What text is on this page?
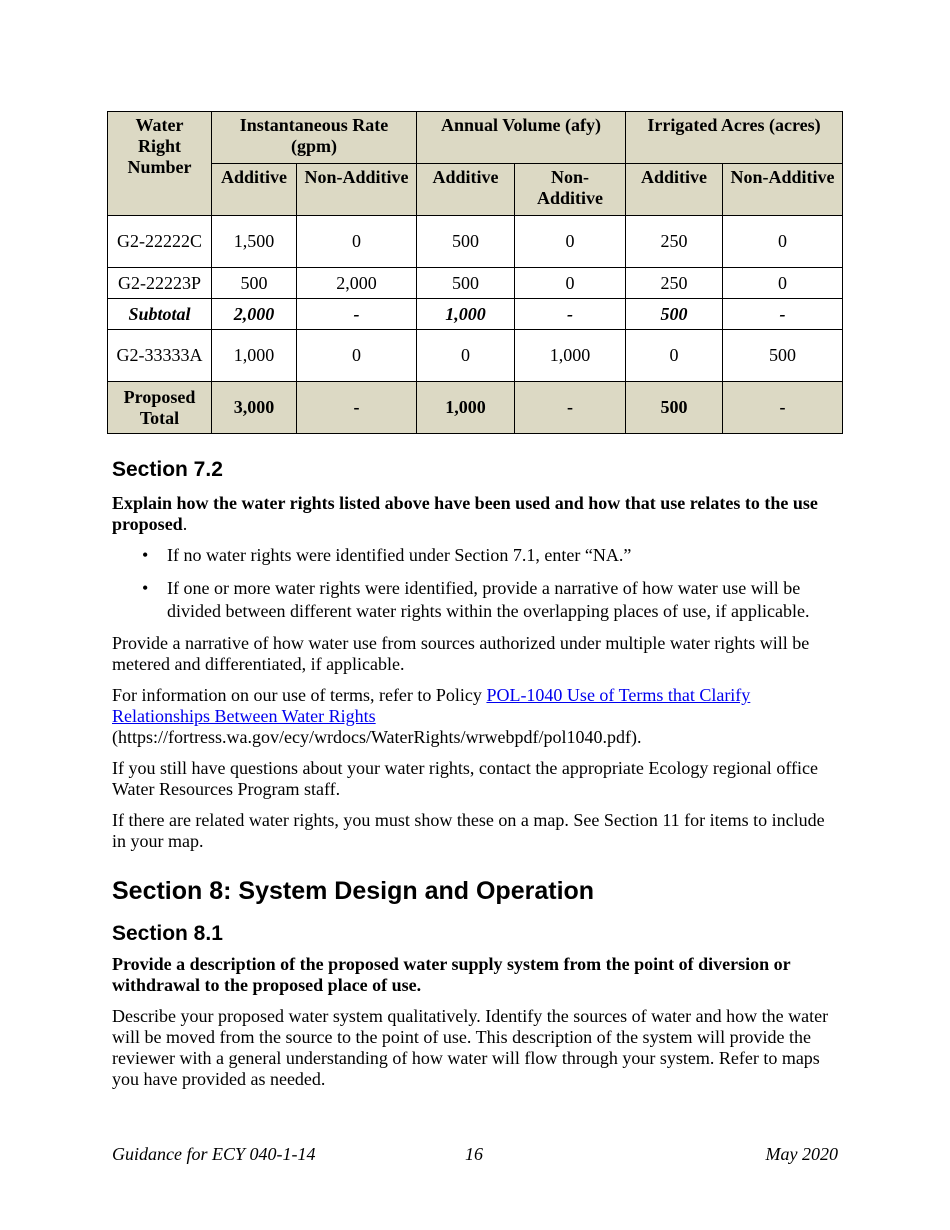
Water Right Number	Instantaneous Rate (gpm)		Annual Volume (afy)		Irrigated Acres (acres)	
	Additive	Non-Additive	Additive	Non-Additive	Additive	Non-Additive
G2-22222C	1,500	0	500	0	250	0
G2-22223P	500	2,000	500	0	250	0
Subtotal	2,000	-	1,000	-	500	-
G2-33333A	1,000	0	0	1,000	0	500
Proposed Total	3,000	-	1,000	-	500	-
Section 7.2

Explain how the water rights listed above have been used and how that use relates to the use proposed.

• If no water rights were identified under Section 7.1, enter “NA.”
• If one or more water rights were identified, provide a narrative of how water use will be divided between different water rights within the overlapping places of use, if applicable.

Provide a narrative of how water use from sources authorized under multiple water rights will be metered and differentiated, if applicable.

For information on our use of terms, refer to Policy POL-1040 Use of Terms that Clarify Relationships Between Water Rights
(https://fortress.wa.gov/ecy/wrdocs/WaterRights/wrwebpdf/pol1040.pdf).

If you still have questions about your water rights, contact the appropriate Ecology regional office Water Resources Program staff.

If there are related water rights, you must show these on a map. See Section 11 for items to include in your map.

Section 8: System Design and Operation
Section 8.1

Provide a description of the proposed water supply system from the point of diversion or withdrawal to the proposed place of use.

Describe your proposed water system qualitatively. Identify the sources of water and how the water will be moved from the source to the point of use. This description of the system will provide the reviewer with a general understanding of how water will flow through your system. Refer to maps you have provided as needed.

Guidance for ECY 040-1-14	16	May 2020
